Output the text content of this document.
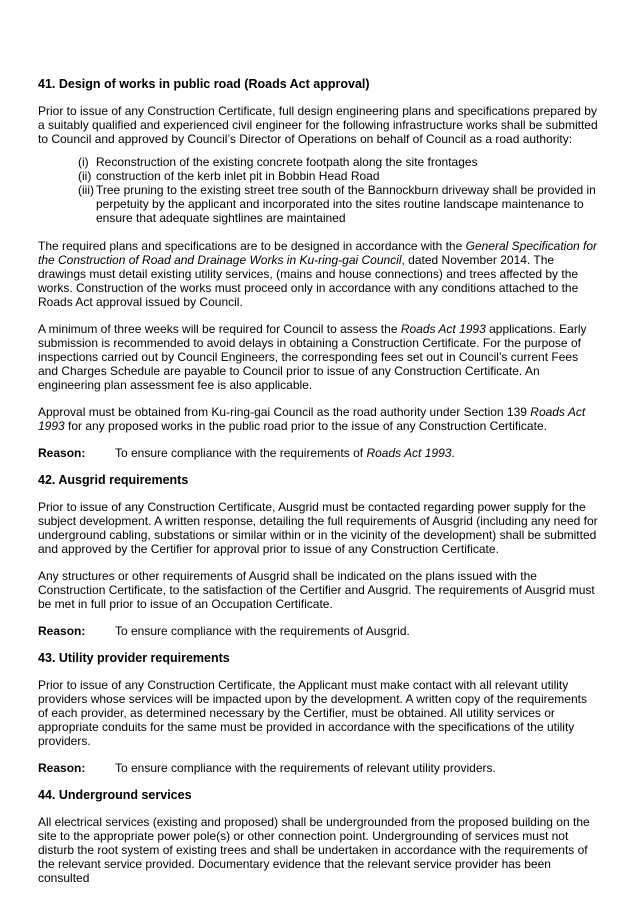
41. Design of works in public road (Roads Act approval)

Prior to issue of any Construction Certificate, full design engineering plans and specifications prepared by a suitably qualified and experienced civil engineer for the following infrastructure works shall be submitted to Council and approved by Council’s Director of Operations on behalf of Council as a road authority:

(i) Reconstruction of the existing concrete footpath along the site frontages
(ii) construction of the kerb inlet pit in Bobbin Head Road
(iii) Tree pruning to the existing street tree south of the Bannockburn driveway shall be provided in perpetuity by the applicant and incorporated into the sites routine landscape maintenance to ensure that adequate sightlines are maintained

The required plans and specifications are to be designed in accordance with the General Specification for the Construction of Road and Drainage Works in Ku-ring-gai Council, dated November 2014. The drawings must detail existing utility services, (mains and house connections) and trees affected by the works. Construction of the works must proceed only in accordance with any conditions attached to the Roads Act approval issued by Council.

A minimum of three weeks will be required for Council to assess the Roads Act 1993 applications. Early submission is recommended to avoid delays in obtaining a Construction Certificate. For the purpose of inspections carried out by Council Engineers, the corresponding fees set out in Council’s current Fees and Charges Schedule are payable to Council prior to issue of any Construction Certificate. An engineering plan assessment fee is also applicable.

Approval must be obtained from Ku-ring-gai Council as the road authority under Section 139 Roads Act 1993 for any proposed works in the public road prior to the issue of any Construction Certificate.

Reason:	To ensure compliance with the requirements of Roads Act 1993.
42. Ausgrid requirements

Prior to issue of any Construction Certificate, Ausgrid must be contacted regarding power supply for the subject development. A written response, detailing the full requirements of Ausgrid (including any need for underground cabling, substations or similar within or in the vicinity of the development) shall be submitted and approved by the Certifier for approval prior to issue of any Construction Certificate.

Any structures or other requirements of Ausgrid shall be indicated on the plans issued with the Construction Certificate, to the satisfaction of the Certifier and Ausgrid. The requirements of Ausgrid must be met in full prior to issue of an Occupation Certificate.

Reason:	To ensure compliance with the requirements of Ausgrid.
43. Utility provider requirements

Prior to issue of any Construction Certificate, the Applicant must make contact with all relevant utility providers whose services will be impacted upon by the development. A written copy of the requirements of each provider, as determined necessary by the Certifier, must be obtained. All utility services or appropriate conduits for the same must be provided in accordance with the specifications of the utility providers.

Reason:	To ensure compliance with the requirements of relevant utility providers.
44. Underground services

All electrical services (existing and proposed) shall be undergrounded from the proposed building on the site to the appropriate power pole(s) or other connection point. Undergrounding of services must not disturb the root system of existing trees and shall be undertaken in accordance with the requirements of the relevant service provided. Documentary evidence that the relevant service provider has been consulted
